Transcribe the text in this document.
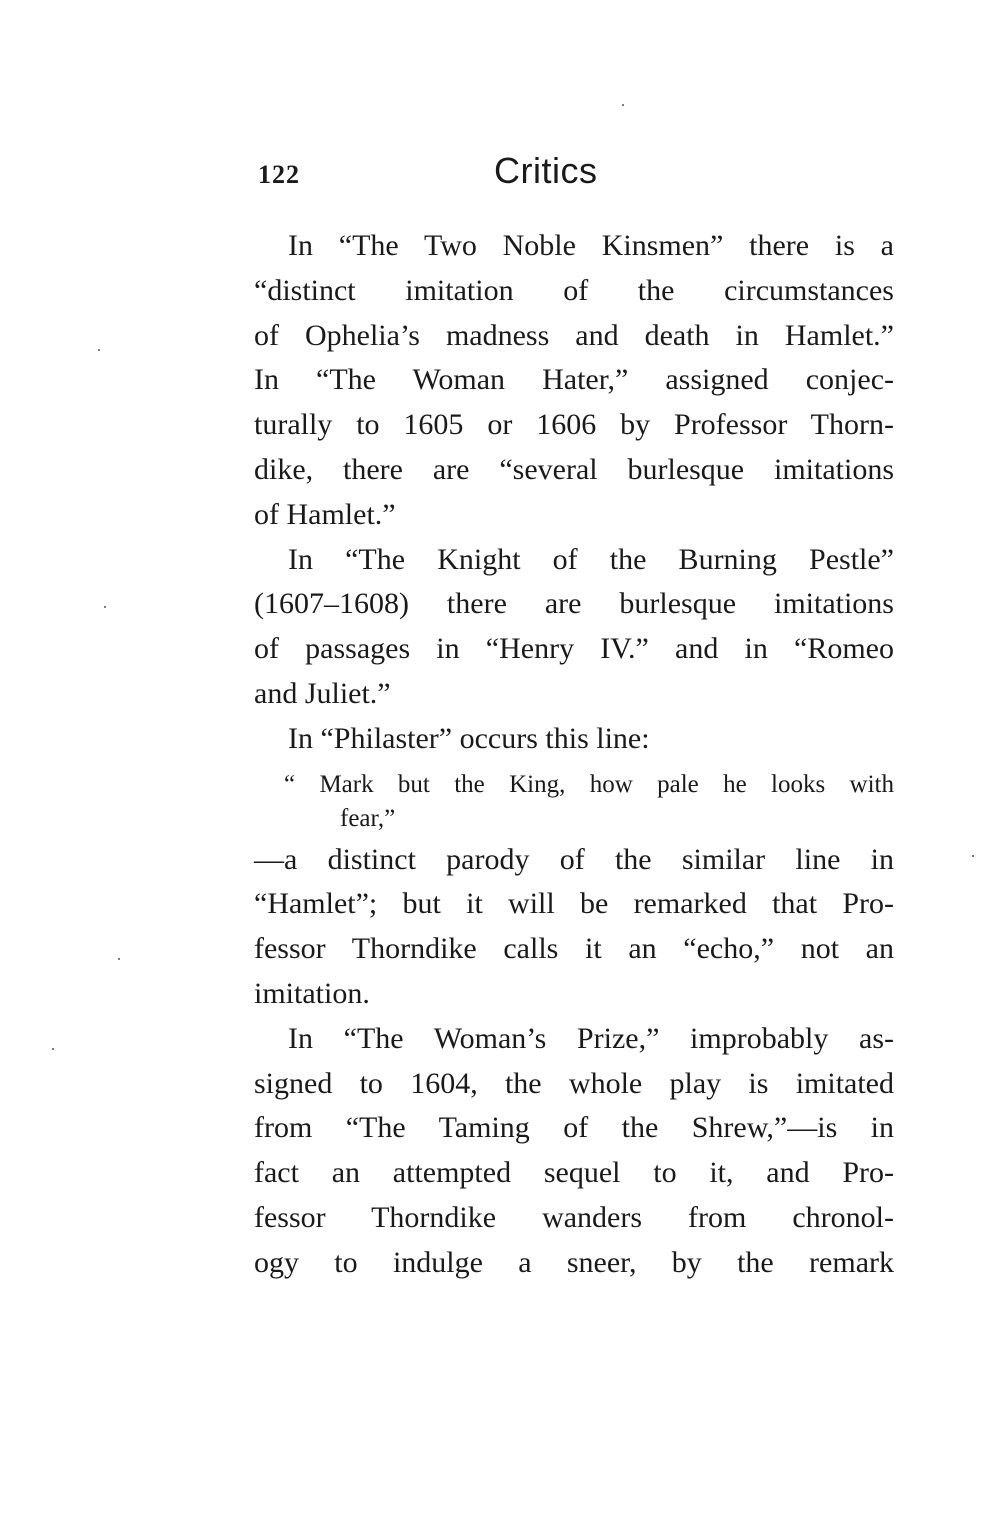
122	Critics
In “The Two Noble Kinsmen” there is a
“distinct imitation of the circumstances
of Ophelia’s madness and death in Hamlet.”
In “The Woman Hater,” assigned conjec-
turally to 1605 or 1606 by Professor Thorn-
dike, there are “several burlesque imitations
of Hamlet.”
In “The Knight of the Burning Pestle”
(1607–1608) there are burlesque imitations
of passages in “Henry IV.” and in “Romeo
and Juliet.”
In “Philaster” occurs this line:
“ Mark but the King, how pale he looks with
fear,”
—a distinct parody of the similar line in
“Hamlet”; but it will be remarked that Pro-
fessor Thorndike calls it an “echo,” not an
imitation.
In “The Woman’s Prize,” improbably as-
signed to 1604, the whole play is imitated
from “The Taming of the Shrew,”—is in
fact an attempted sequel to it, and Pro-
fessor Thorndike wanders from chronol-
ogy to indulge a sneer, by the remark
